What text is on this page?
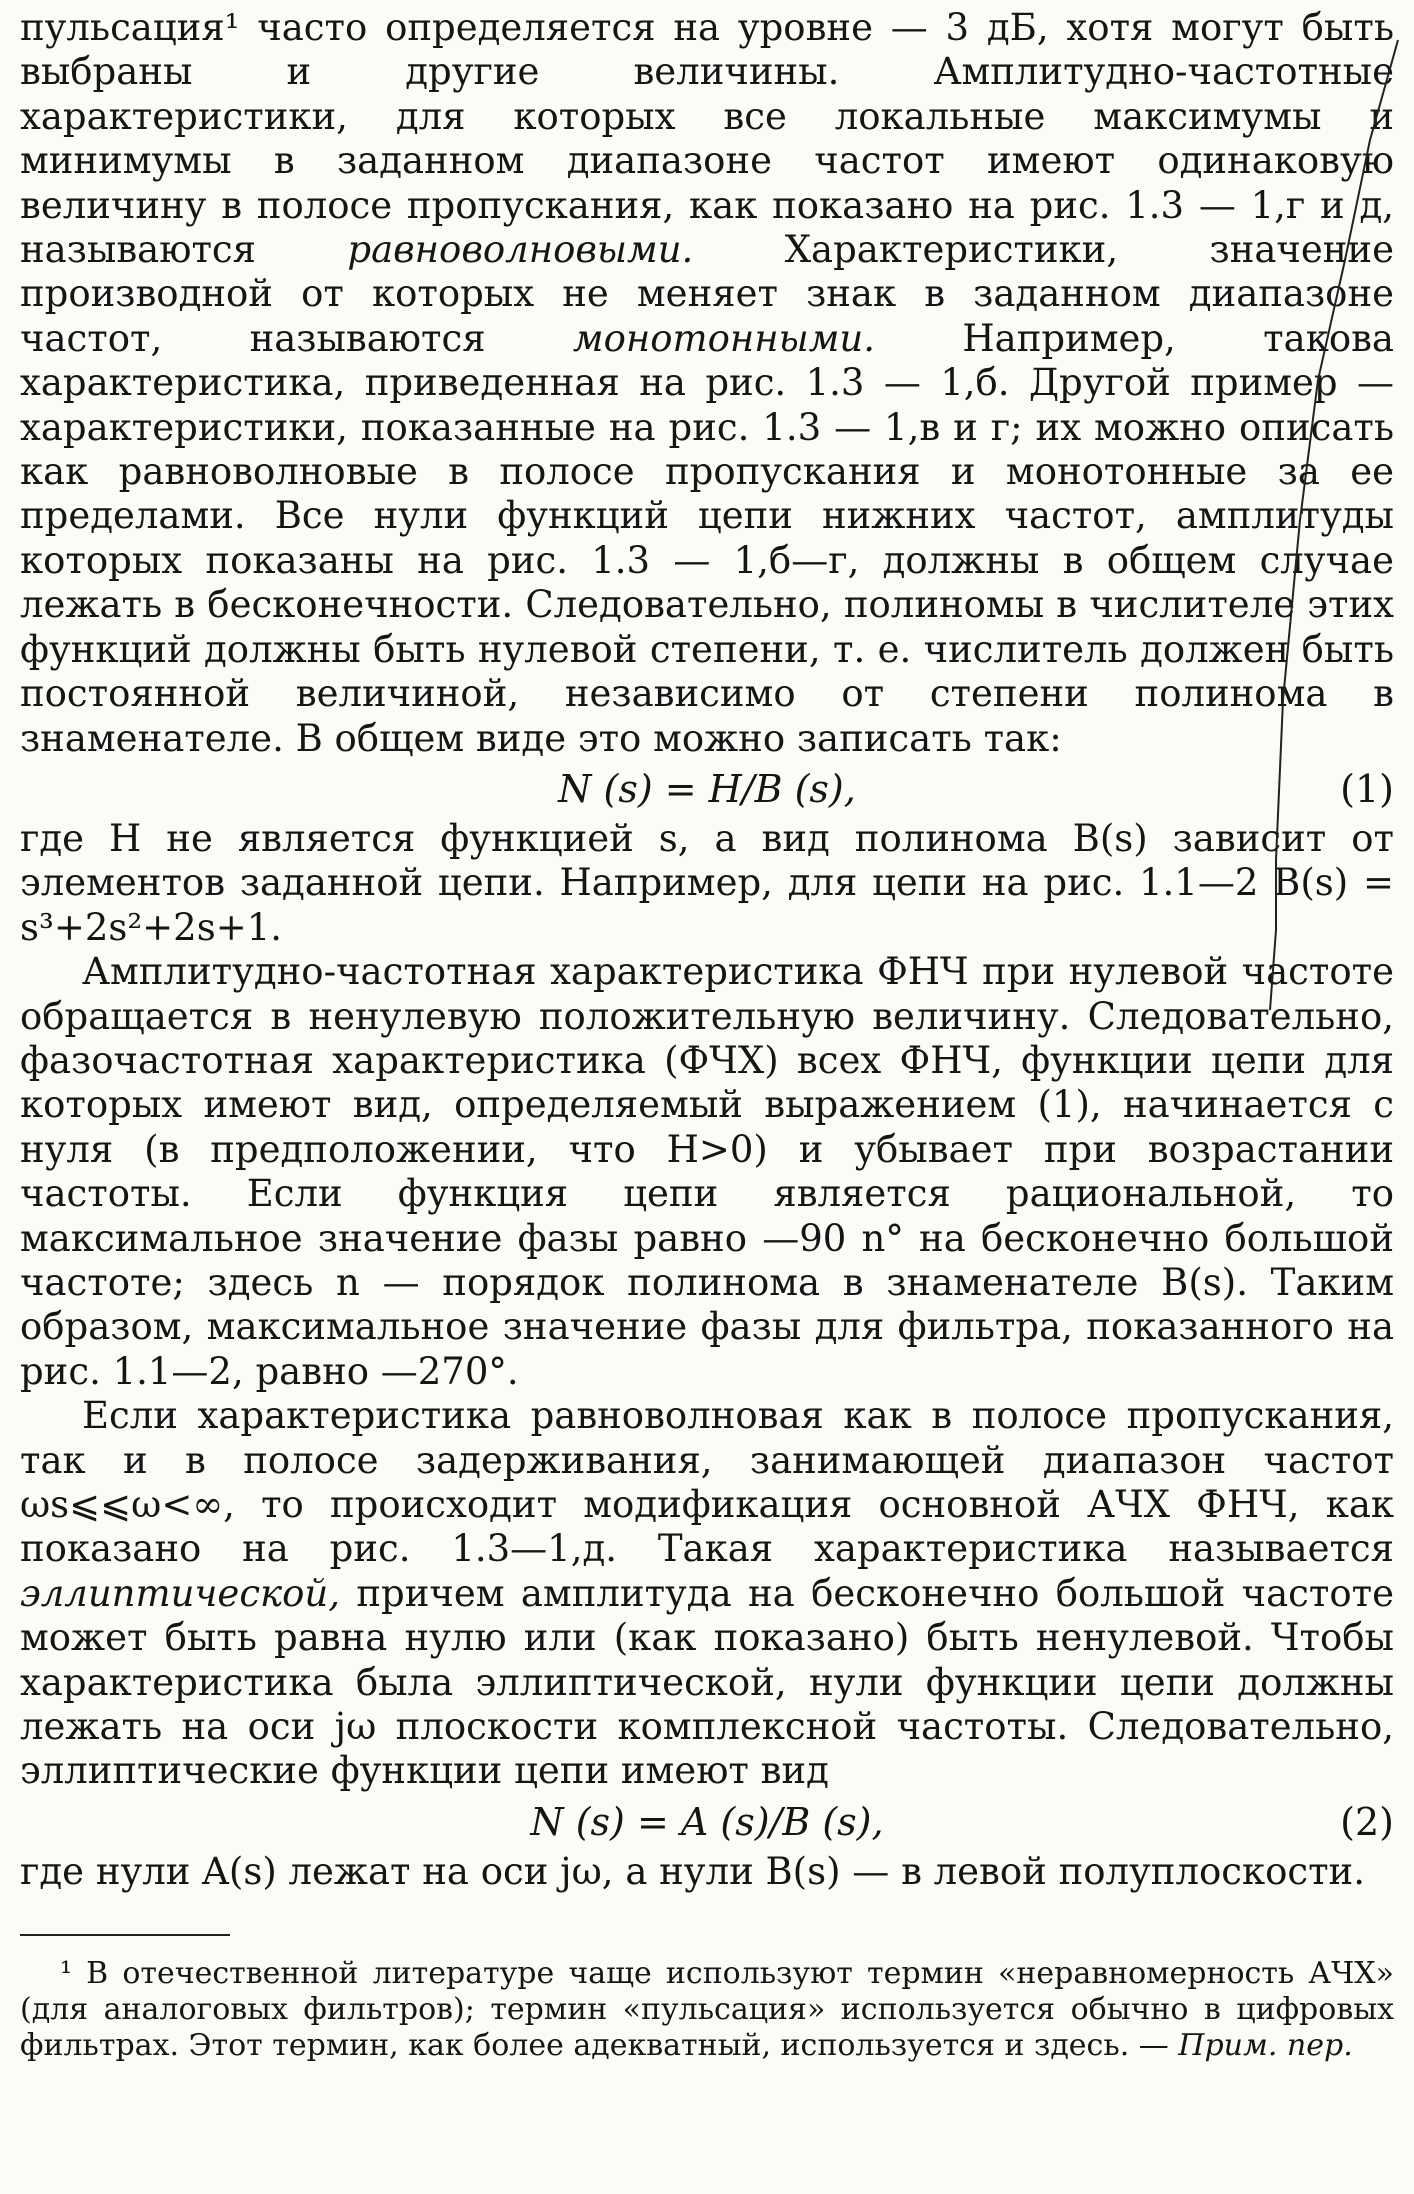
пульсация¹ часто определяется на уровне — 3 дБ, хотя могут быть выбраны и другие величины. Амплитудно-частотные характеристики, для которых все локальные максимумы и минимумы в заданном диапазоне частот имеют одинаковую величину в полосе пропускания, как показано на рис. 1.3 — 1,г и д, называются равноволновыми. Характеристики, значение производной от которых не меняет знак в заданном диапазоне частот, называются монотонными. Например, такова характеристика, приведенная на рис. 1.3 — 1,б. Другой пример — характеристики, показанные на рис. 1.3 — 1,в и г; их можно описать как равноволновые в полосе пропускания и монотонные за ее пределами. Все нули функций цепи нижних частот, амплитуды которых показаны на рис. 1.3 — 1,б—г, должны в общем случае лежать в бесконечности. Следовательно, полиномы в числителе этих функций должны быть нулевой степени, т. е. числитель должен быть постоянной величиной, независимо от степени полинома в знаменателе. В общем виде это можно записать так:

N (s) = H/B (s),	(1)

где H не является функцией s, а вид полинома B(s) зависит от элементов заданной цепи. Например, для цепи на рис. 1.1—2 B(s) = s³+2s²+2s+1.

Амплитудно-частотная характеристика ФНЧ при нулевой частоте обращается в ненулевую положительную величину. Следовательно, фазочастотная характеристика (ФЧХ) всех ФНЧ, функции цепи для которых имеют вид, определяемый выражением (1), начинается с нуля (в предположении, что H>0) и убывает при возрастании частоты. Если функция цепи является рациональной, то максимальное значение фазы равно —90 n° на бесконечно большой частоте; здесь n — порядок полинома в знаменателе B(s). Таким образом, максимальное значение фазы для фильтра, показанного на рис. 1.1—2, равно —270°.

Если характеристика равноволновая как в полосе пропускания, так и в полосе задерживания, занимающей диапазон частот ωs⩽⩽ω<∞, то происходит модификация основной АЧХ ФНЧ, как показано на рис. 1.3—1,д. Такая характеристика называется эллиптической, причем амплитуда на бесконечно большой частоте может быть равна нулю или (как показано) быть ненулевой. Чтобы характеристика была эллиптической, нули функции цепи должны лежать на оси jω плоскости комплексной частоты. Следовательно, эллиптические функции цепи имеют вид

N (s) = A (s)/B (s),	(2)

где нули A(s) лежат на оси jω, а нули B(s) — в левой полуплоскости.

¹ В отечественной литературе чаще используют термин «неравномерность АЧХ» (для аналоговых фильтров); термин «пульсация» используется обычно в цифровых фильтрах. Этот термин, как более адекватный, используется и здесь. — Прим. пер.
